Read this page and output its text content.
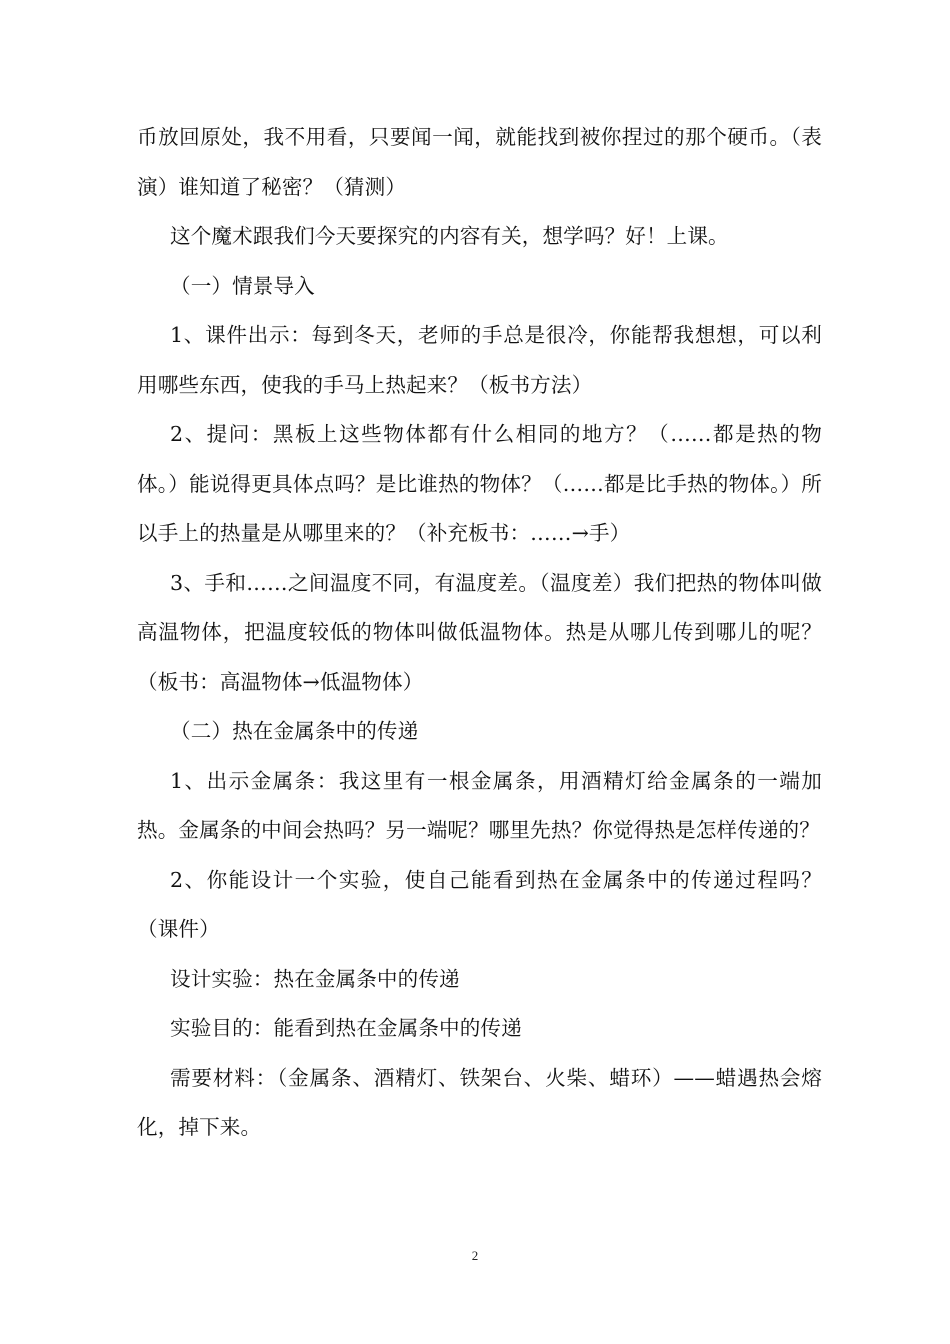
币放回原处，我不用看，只要闻一闻，就能找到被你捏过的那个硬币。（表演）谁知道了秘密？（猜测）

这个魔术跟我们今天要探究的内容有关，想学吗？好！上课。

（一）情景导入

1、课件出示：每到冬天，老师的手总是很冷，你能帮我想想，可以利用哪些东西，使我的手马上热起来？（板书方法）

2、提问：黑板上这些物体都有什么相同的地方？（……都是热的物体。）能说得更具体点吗？是比谁热的物体？（……都是比手热的物体。）所以手上的热量是从哪里来的？（补充板书：……→手）

3、手和……之间温度不同，有温度差。（温度差）我们把热的物体叫做高温物体，把温度较低的物体叫做低温物体。热是从哪儿传到哪儿的呢？（板书：高温物体→低温物体）

（二）热在金属条中的传递

1、出示金属条：我这里有一根金属条，用酒精灯给金属条的一端加热。金属条的中间会热吗？另一端呢？哪里先热？你觉得热是怎样传递的？

2、你能设计一个实验，使自己能看到热在金属条中的传递过程吗？（课件）

设计实验：热在金属条中的传递

实验目的：能看到热在金属条中的传递

需要材料：（金属条、酒精灯、铁架台、火柴、蜡环）——蜡遇热会熔化，掉下来。

2
